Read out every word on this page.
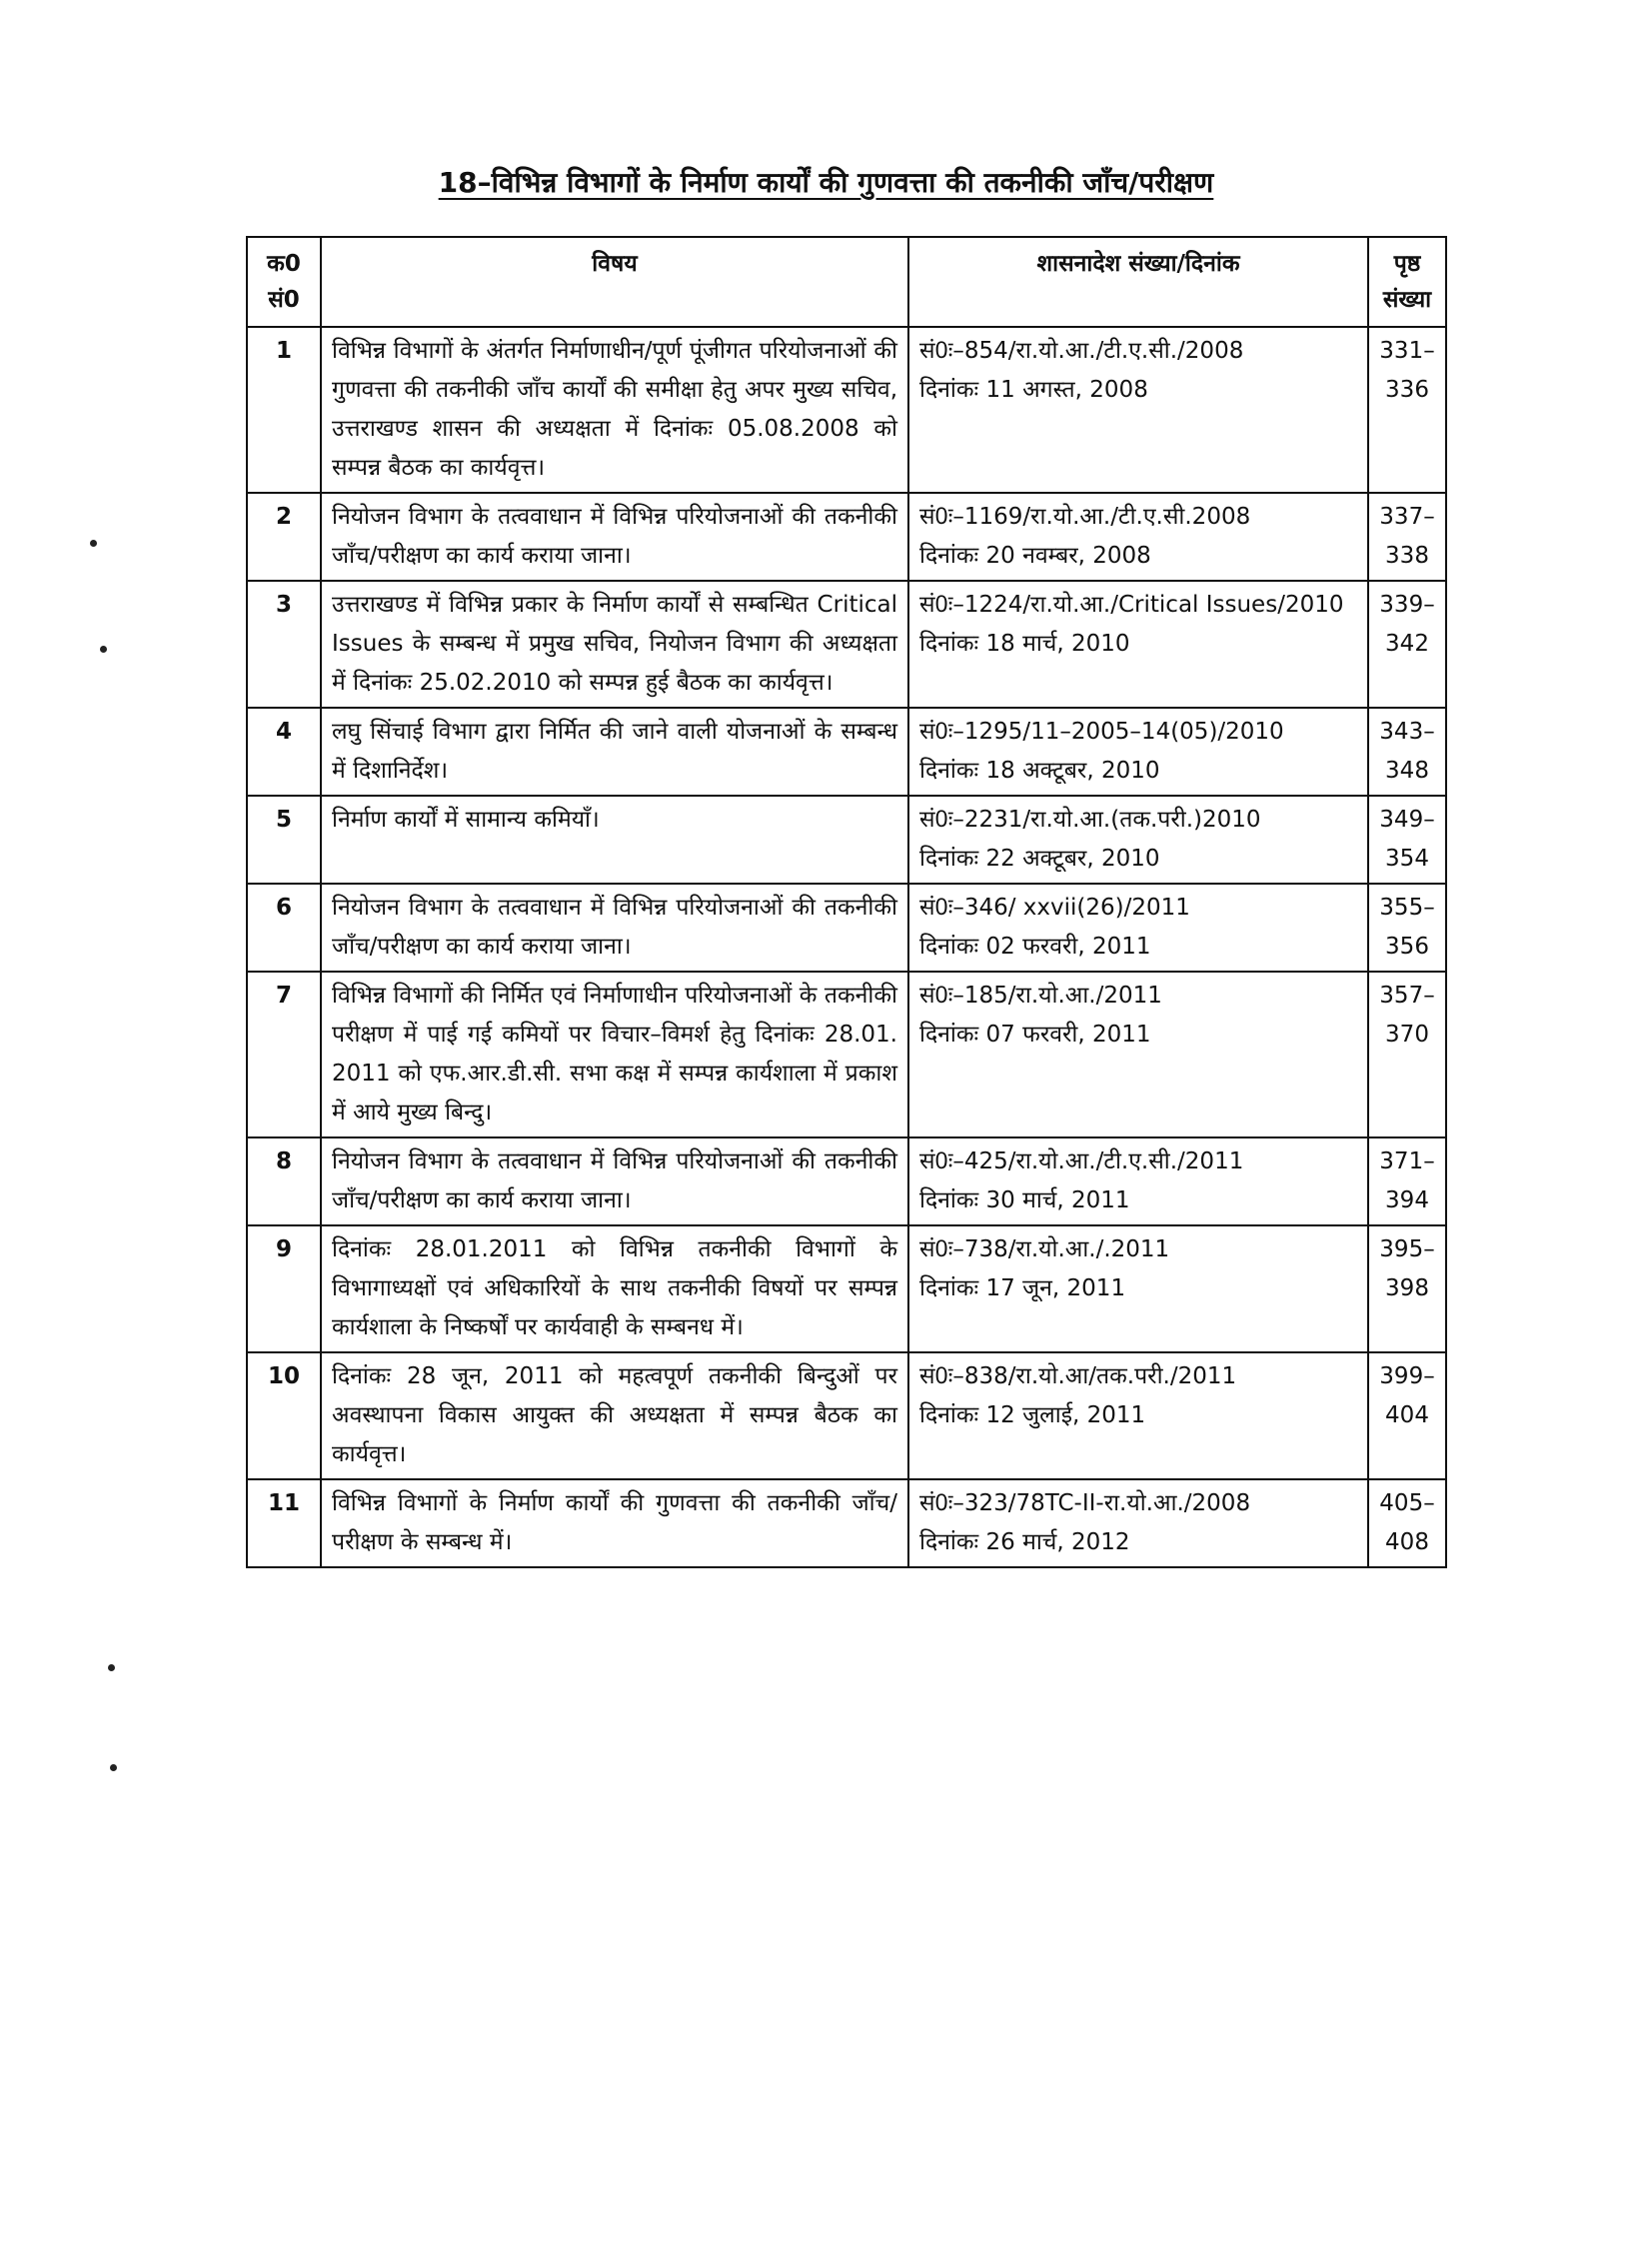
18–विभिन्न विभागों के निर्माण कार्यों की गुणवत्ता की तकनीकी जाँच/परीक्षण
क0 सं0	विषय	शासनादेश संख्या/दिनांक	पृष्ठ संख्या
1	विभिन्न विभागों के अंतर्गत निर्माणाधीन/पूर्ण पूंजीगत परियोजनाओं की गुणवत्ता की तकनीकी जाँच कार्यों की समीक्षा हेतु अपर मुख्य सचिव, उत्तराखण्ड शासन की अध्यक्षता में दिनांकः 05.08.2008 को सम्पन्न बैठक का कार्यवृत्त।	सं0ः–854/रा.यो.आ./टी.ए.सी./2008
दिनांकः 11 अगस्त, 2008	331–336
2	नियोजन विभाग के तत्ववाधान में विभिन्न परियोजनाओं की तकनीकी जाँच/परीक्षण का कार्य कराया जाना।	सं0ः–1169/रा.यो.आ./टी.ए.सी.2008
दिनांकः 20 नवम्बर, 2008	337–338
3	उत्तराखण्ड में विभिन्न प्रकार के निर्माण कार्यों से सम्बन्धित Critical Issues के सम्बन्ध में प्रमुख सचिव, नियोजन विभाग की अध्यक्षता में दिनांकः 25.02.2010 को सम्पन्न हुई बैठक का कार्यवृत्त।	सं0ः–1224/रा.यो.आ./Critical Issues/2010
दिनांकः 18 मार्च, 2010	339–342
4	लघु सिंचाई विभाग द्वारा निर्मित की जाने वाली योजनाओं के सम्बन्ध में दिशानिर्देश।	सं0ः–1295/11–2005–14(05)/2010
दिनांकः 18 अक्टूबर, 2010	343–348
5	निर्माण कार्यों में सामान्य कमियाँ।	सं0ः–2231/रा.यो.आ.(तक.परी.)2010
दिनांकः 22 अक्टूबर, 2010	349–354
6	नियोजन विभाग के तत्ववाधान में विभिन्न परियोजनाओं की तकनीकी जाँच/परीक्षण का कार्य कराया जाना।	सं0ः–346/ xxvii(26)/2011
दिनांकः 02 फरवरी, 2011	355–356
7	विभिन्न विभागों की निर्मित एवं निर्माणाधीन परियोजनाओं के तकनीकी परीक्षण में पाई गई कमियों पर विचार–विमर्श हेतु दिनांकः 28.01. 2011 को एफ.आर.डी.सी. सभा कक्ष में सम्पन्न कार्यशाला में प्रकाश में आये मुख्य बिन्दु।	सं0ः–185/रा.यो.आ./2011
दिनांकः 07 फरवरी, 2011	357–370
8	नियोजन विभाग के तत्ववाधान में विभिन्न परियोजनाओं की तकनीकी जाँच/परीक्षण का कार्य कराया जाना।	सं0ः–425/रा.यो.आ./टी.ए.सी./2011
दिनांकः 30 मार्च, 2011	371–394
9	दिनांकः 28.01.2011 को विभिन्न तकनीकी विभागों के विभागाध्यक्षों एवं अधिकारियों के साथ तकनीकी विषयों पर सम्पन्न कार्यशाला के निष्कर्षों पर कार्यवाही के सम्बनध में।	सं0ः–738/रा.यो.आ./.2011
दिनांकः 17 जून, 2011	395–398
10	दिनांकः 28 जून, 2011 को महत्वपूर्ण तकनीकी बिन्दुओं पर अवस्थापना विकास आयुक्त की अध्यक्षता में सम्पन्न बैठक का कार्यवृत्त।	सं0ः–838/रा.यो.आ/तक.परी./2011
दिनांकः 12 जुलाई, 2011	399–404
11	विभिन्न विभागों के निर्माण कार्यों की गुणवत्ता की तकनीकी जाँच/परीक्षण के सम्बन्ध में।	सं0ः–323/78TC-II-रा.यो.आ./2008
दिनांकः 26 मार्च, 2012	405–408
